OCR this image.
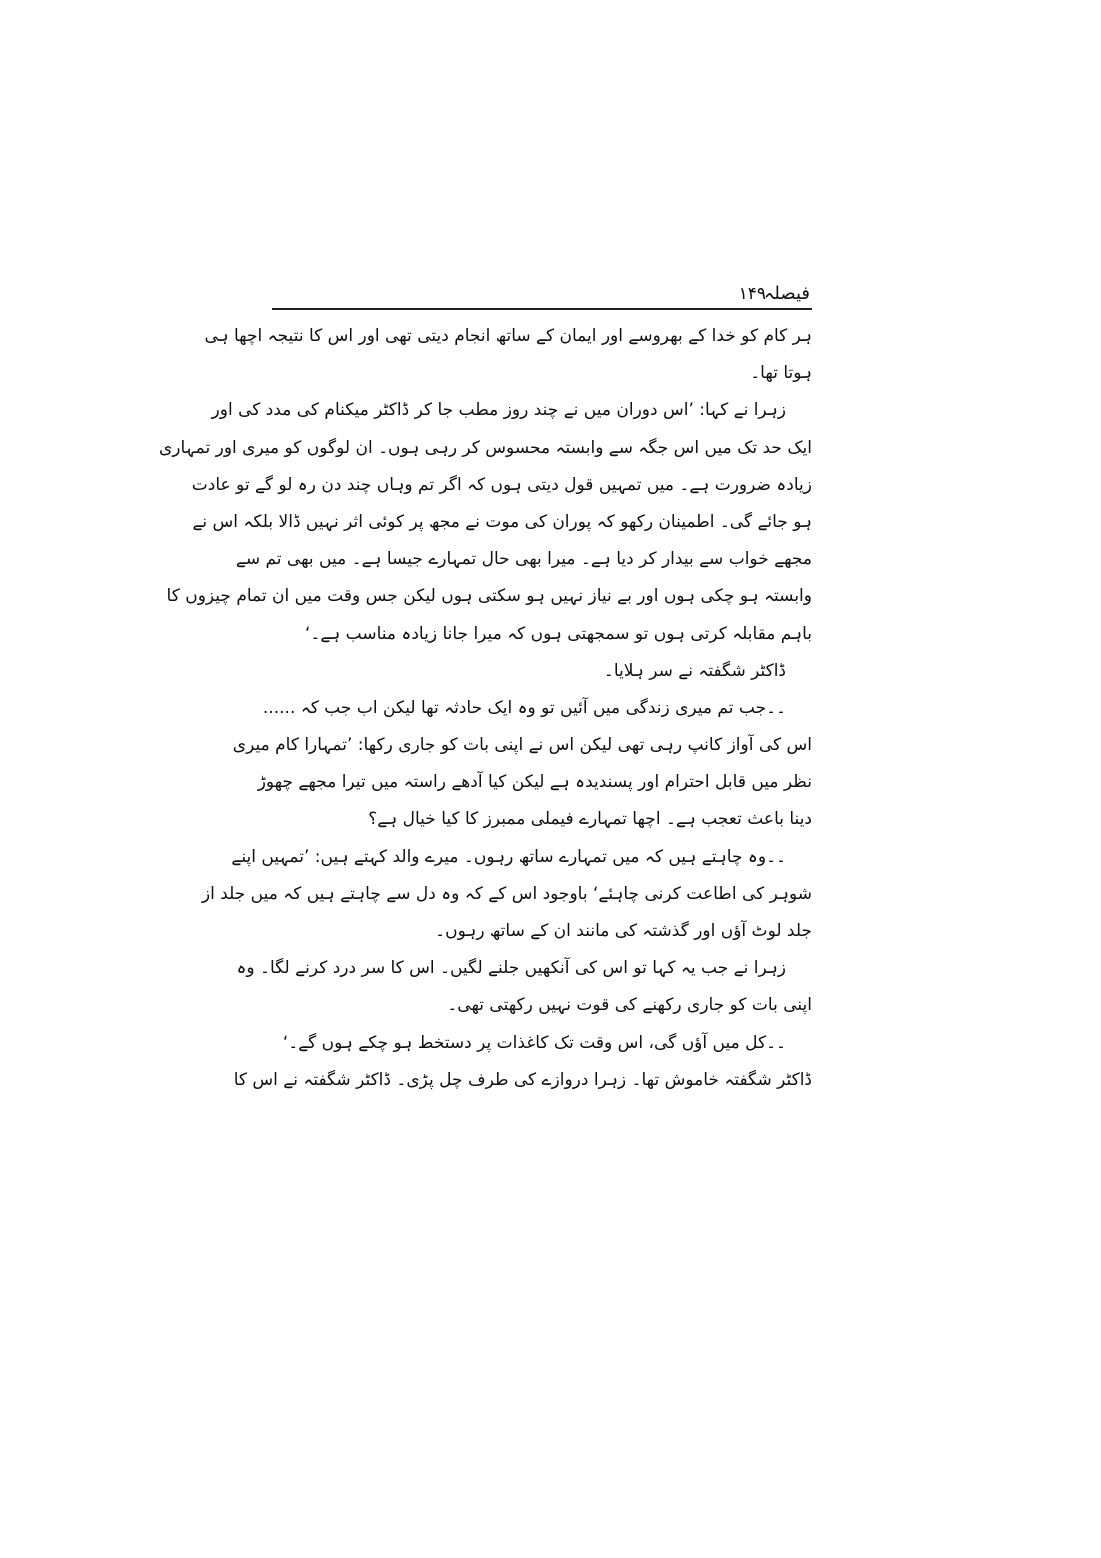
فیصلہ
۱۴۹
ہر کام کو خدا کے بھروسے اور ایمان کے ساتھ انجام دیتی تھی اور اس کا نتیجہ اچھا ہی
ہوتا تھا۔
زہرا نے کہا: ’اس دوران میں نے چند روز مطب جا کر ڈاکٹر میکنام کی مدد کی اور
ایک حد تک میں اس جگہ سے وابستہ محسوس کر رہی ہوں۔ ان لوگوں کو میری اور تمہاری
زیادہ ضرورت ہے۔ میں تمہیں قول دیتی ہوں کہ اگر تم وہاں چند دن رہ لو گے تو عادت
ہو جائے گی۔ اطمینان رکھو کہ پوران کی موت نے مجھ پر کوئی اثر نہیں ڈالا بلکہ اس نے
مجھے خواب سے بیدار کر دیا ہے۔ میرا بھی حال تمہارے جیسا ہے۔ میں بھی تم سے
وابستہ ہو چکی ہوں اور بے نیاز نہیں ہو سکتی ہوں لیکن جس وقت میں ان تمام چیزوں کا
باہم مقابلہ کرتی ہوں تو سمجھتی ہوں کہ میرا جانا زیادہ مناسب ہے۔‘
ڈاکٹر شگفتہ نے سر ہلایا۔
۔۔جب تم میری زندگی میں آئیں تو وہ ایک حادثہ تھا لیکن اب جب کہ ......
اس کی آواز کانپ رہی تھی لیکن اس نے اپنی بات کو جاری رکھا: ’تمہارا کام میری
نظر میں قابل احترام اور پسندیدہ ہے لیکن کیا آدھے راستہ میں تیرا مجھے چھوڑ
دینا باعث تعجب ہے۔ اچھا تمہارے فیملی ممبرز کا کیا خیال ہے؟
۔۔وہ چاہتے ہیں کہ میں تمہارے ساتھ رہوں۔ میرے والد کہتے ہیں: ’تمہیں اپنے
شوہر کی اطاعت کرنی چاہئے‘ باوجود اس کے کہ وہ دل سے چاہتے ہیں کہ میں جلد از
جلد لوٹ آؤں اور گذشتہ کی مانند ان کے ساتھ رہوں۔
زہرا نے جب یہ کہا تو اس کی آنکھیں جلنے لگیں۔ اس کا سر درد کرنے لگا۔ وہ
اپنی بات کو جاری رکھنے کی قوت نہیں رکھتی تھی۔
۔۔کل میں آؤں گی، اس وقت تک کاغذات پر دستخط ہو چکے ہوں گے۔‘
ڈاکٹر شگفتہ خاموش تھا۔ زہرا دروازے کی طرف چل پڑی۔ ڈاکٹر شگفتہ نے اس کا
